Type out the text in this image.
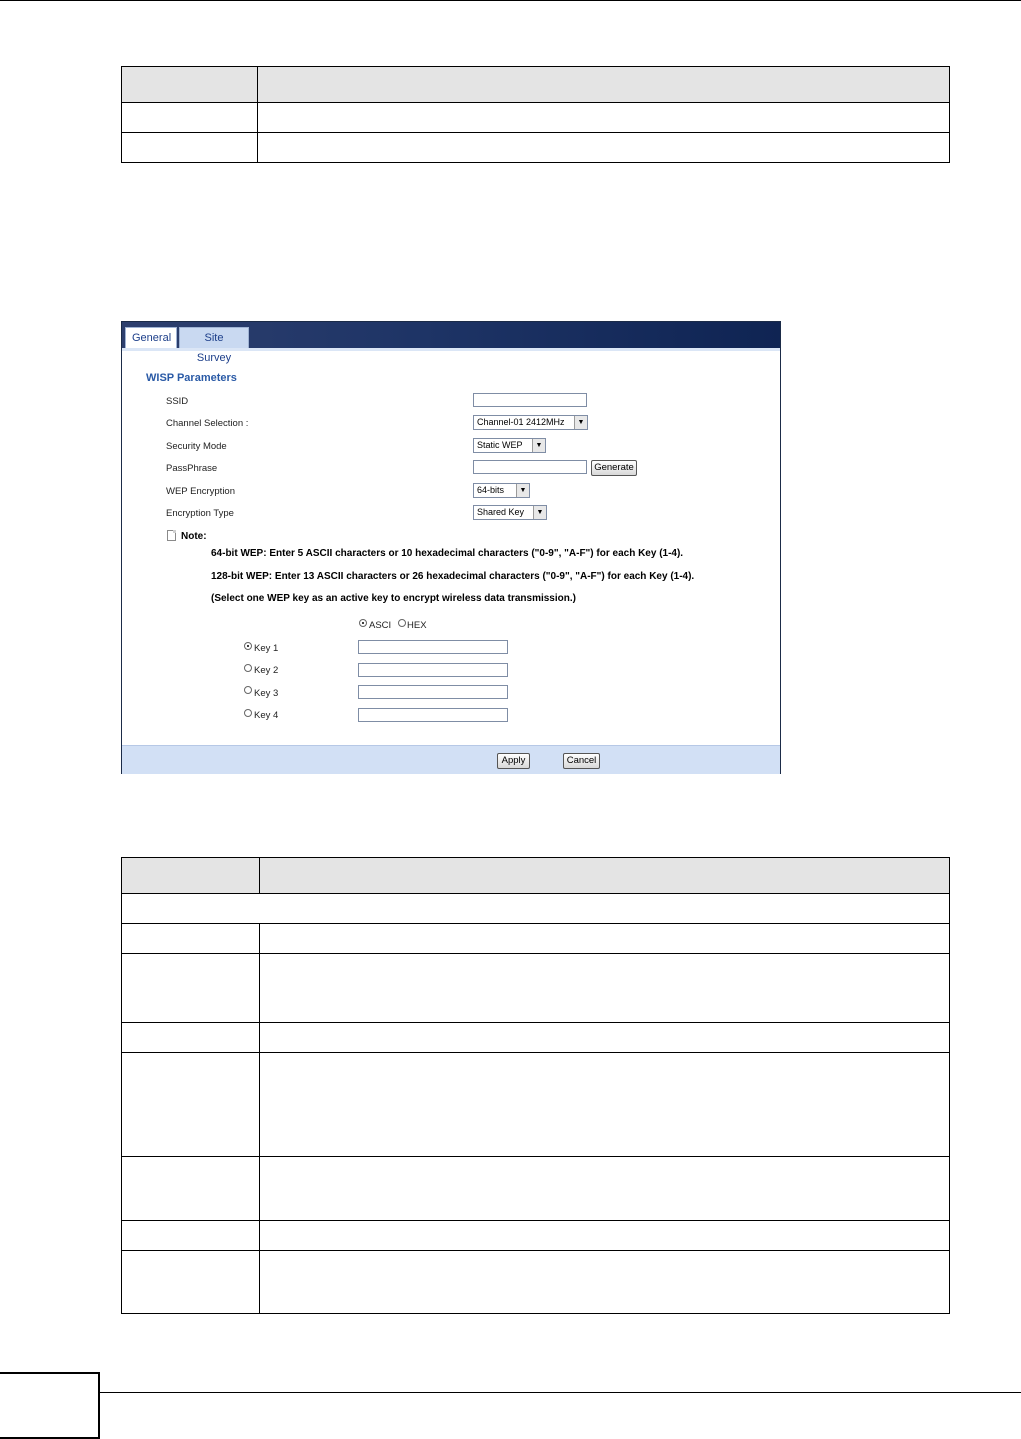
General	Site Survey
WISP Parameters
SSID
Channel Selection :	Channel-01 2412MHz	▼
Security Mode	Static WEP	▼
PassPhrase	Generate
WEP Encryption	64-bits	▼
Encryption Type	Shared Key	▼
Note:
64-bit WEP: Enter 5 ASCII characters or 10 hexadecimal characters ("0-9", "A-F") for each Key (1-4).
128-bit WEP: Enter 13 ASCII characters or 26 hexadecimal characters ("0-9", "A-F") for each Key (1-4).
(Select one WEP key as an active key to encrypt wireless data transmission.)
ASCI HEX
Key 1
Key 2
Key 3
Key 4
Apply	Cancel
